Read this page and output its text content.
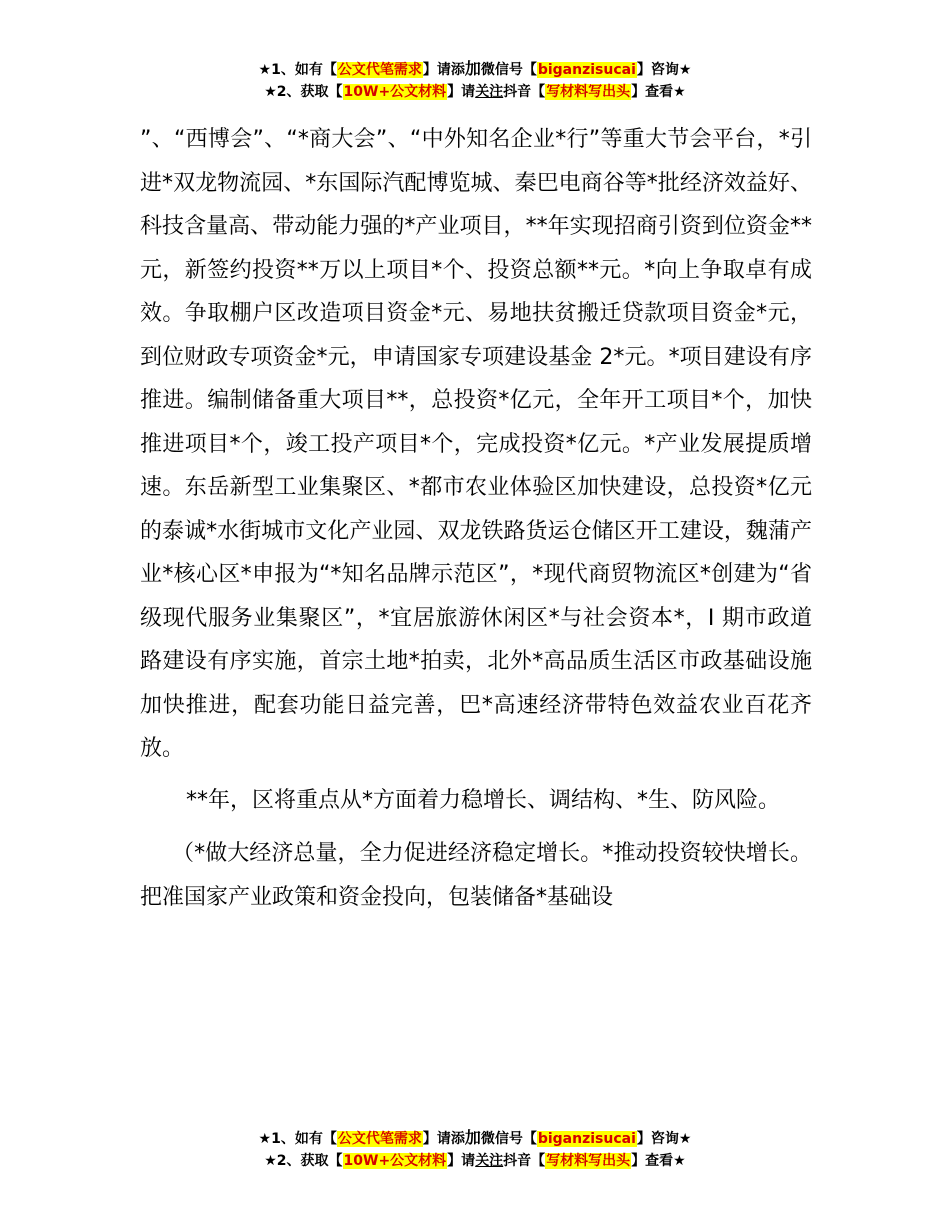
★1、如有【公文代笔需求】请添加微信号【biganzisucai】咨询★
★2、获取【10W+公文材料】请关注抖音【写材料写出头】查看★

”、“西博会”、“*商大会”、“中外知名企业*行”等重大节会平台，*引进*双龙物流园、*东国际汽配博览城、秦巴电商谷等*批经济效益好、科技含量高、带动能力强的*产业项目，**年实现招商引资到位资金**元，新签约投资**万以上项目*个、投资总额**元。*向上争取卓有成效。争取棚户区改造项目资金*元、易地扶贫搬迁贷款项目资金*元，到位财政专项资金*元，申请国家专项建设基金 2*元。*项目建设有序推进。编制储备重大项目**，总投资*亿元，全年开工项目*个，加快推进项目*个，竣工投产项目*个，完成投资*亿元。*产业发展提质增速。东岳新型工业集聚区、*都市农业体验区加快建设，总投资*亿元的泰诚*水街城市文化产业园、双龙铁路货运仓储区开工建设，魏蒲产业*核心区*申报为“*知名品牌示范区”，*现代商贸物流区*创建为“省级现代服务业集聚区”，*宜居旅游休闲区*与社会资本*，I 期市政道路建设有序实施，首宗土地*拍卖，北外*高品质生活区市政基础设施加快推进，配套功能日益完善，巴*高速经济带特色效益农业百花齐放。

**年，区将重点从*方面着力稳增长、调结构、*生、防风险。

（*做大经济总量，全力促进经济稳定增长。*推动投资较快增长。把准国家产业政策和资金投向，包装储备*基础设

★1、如有【公文代笔需求】请添加微信号【biganzisucai】咨询★
★2、获取【10W+公文材料】请关注抖音【写材料写出头】查看★
